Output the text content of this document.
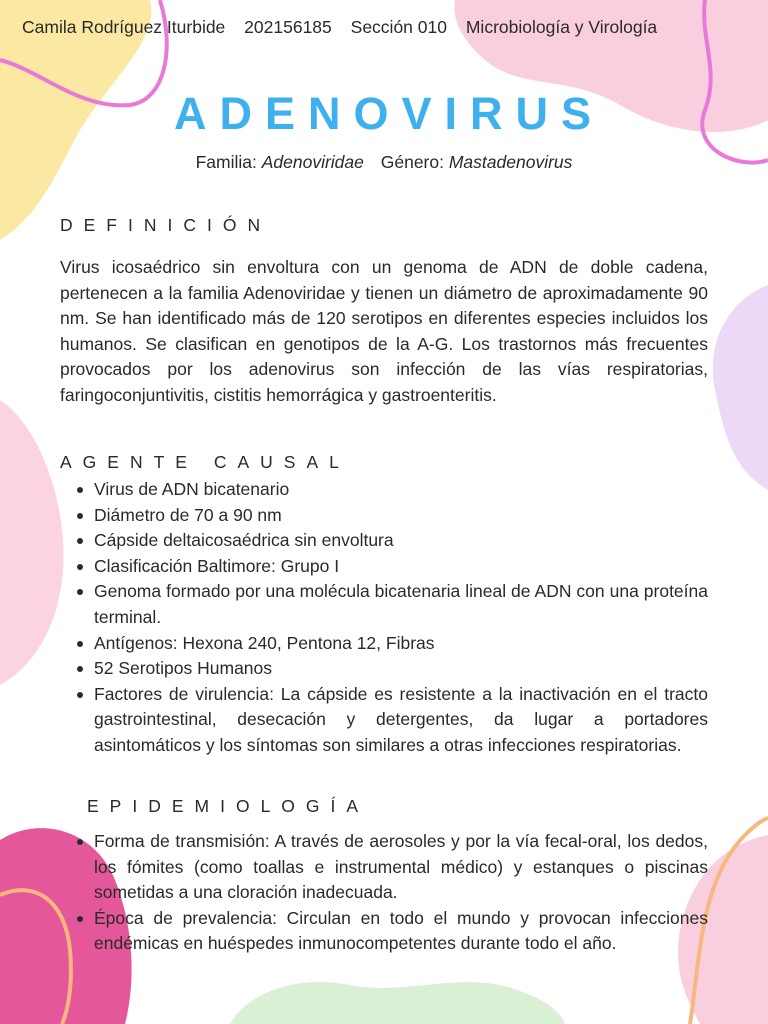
Camila Rodríguez Iturbide 202156185 Sección 010 Microbiología y Virología
ADENOVIRUS
Familia: Adenoviridae Género: Mastadenovirus
DEFINICIÓN
Virus icosaédrico sin envoltura con un genoma de ADN de doble cadena, pertenecen a la familia Adenoviridae y tienen un diámetro de aproximadamente 90 nm. Se han identificado más de 120 serotipos en diferentes especies incluidos los humanos. Se clasifican en genotipos de la A-G. Los trastornos más frecuentes provocados por los adenovirus son infección de las vías respiratorias, faringoconjuntivitis, cistitis hemorrágica y gastroenteritis.
AGENTE CAUSAL
Virus de ADN bicatenario
Diámetro de 70 a 90 nm
Cápside deltaicosaédrica sin envoltura
Clasificación Baltimore: Grupo I
Genoma formado por una molécula bicatenaria lineal de ADN con una proteína terminal.
Antígenos: Hexona 240, Pentona 12, Fibras
52 Serotipos Humanos
Factores de virulencia: La cápside es resistente a la inactivación en el tracto gastrointestinal, desecación y detergentes, da lugar a portadores asintomáticos y los síntomas son similares a otras infecciones respiratorias.
EPIDEMIOLOGÍA
Forma de transmisión: A través de aerosoles y por la vía fecal-oral, los dedos, los fómites (como toallas e instrumental médico) y estanques o piscinas sometidas a una cloración inadecuada.
Época de prevalencia: Circulan en todo el mundo y provocan infecciones endémicas en huéspedes inmunocompetentes durante todo el año.
